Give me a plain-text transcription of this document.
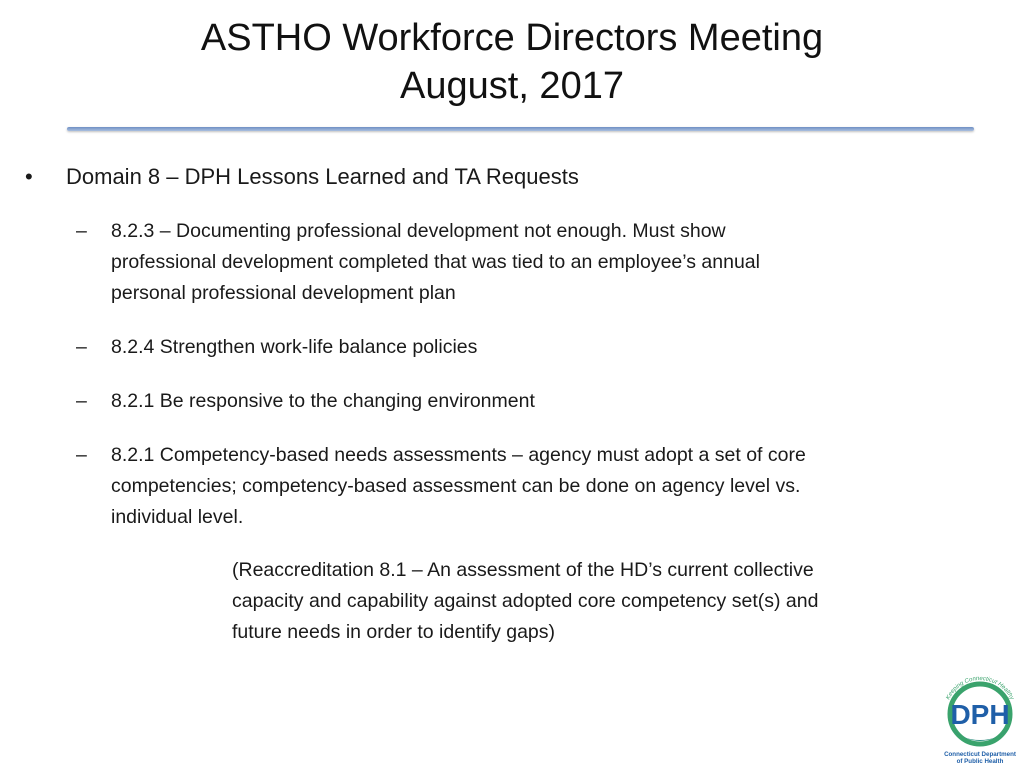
ASTHO Workforce Directors Meeting
August, 2017
•	Domain 8 – DPH Lessons Learned and TA Requests
– 8.2.3 – Documenting professional development not enough. Must show
professional development completed that was tied to an employee’s annual
personal professional development plan
– 8.2.4 Strengthen work-life balance policies
– 8.2.1 Be responsive to the changing environment
– 8.2.1 Competency-based needs assessments – agency must adopt a set of core
competencies; competency-based assessment can be done on agency level vs.
individual level.
(Reaccreditation 8.1 – An assessment of the HD’s current collective
capacity and capability against adopted core competency set(s) and
future needs in order to identify gaps)
Keeping Connecticut Healthy
DPH
Connecticut Department
of Public Health
